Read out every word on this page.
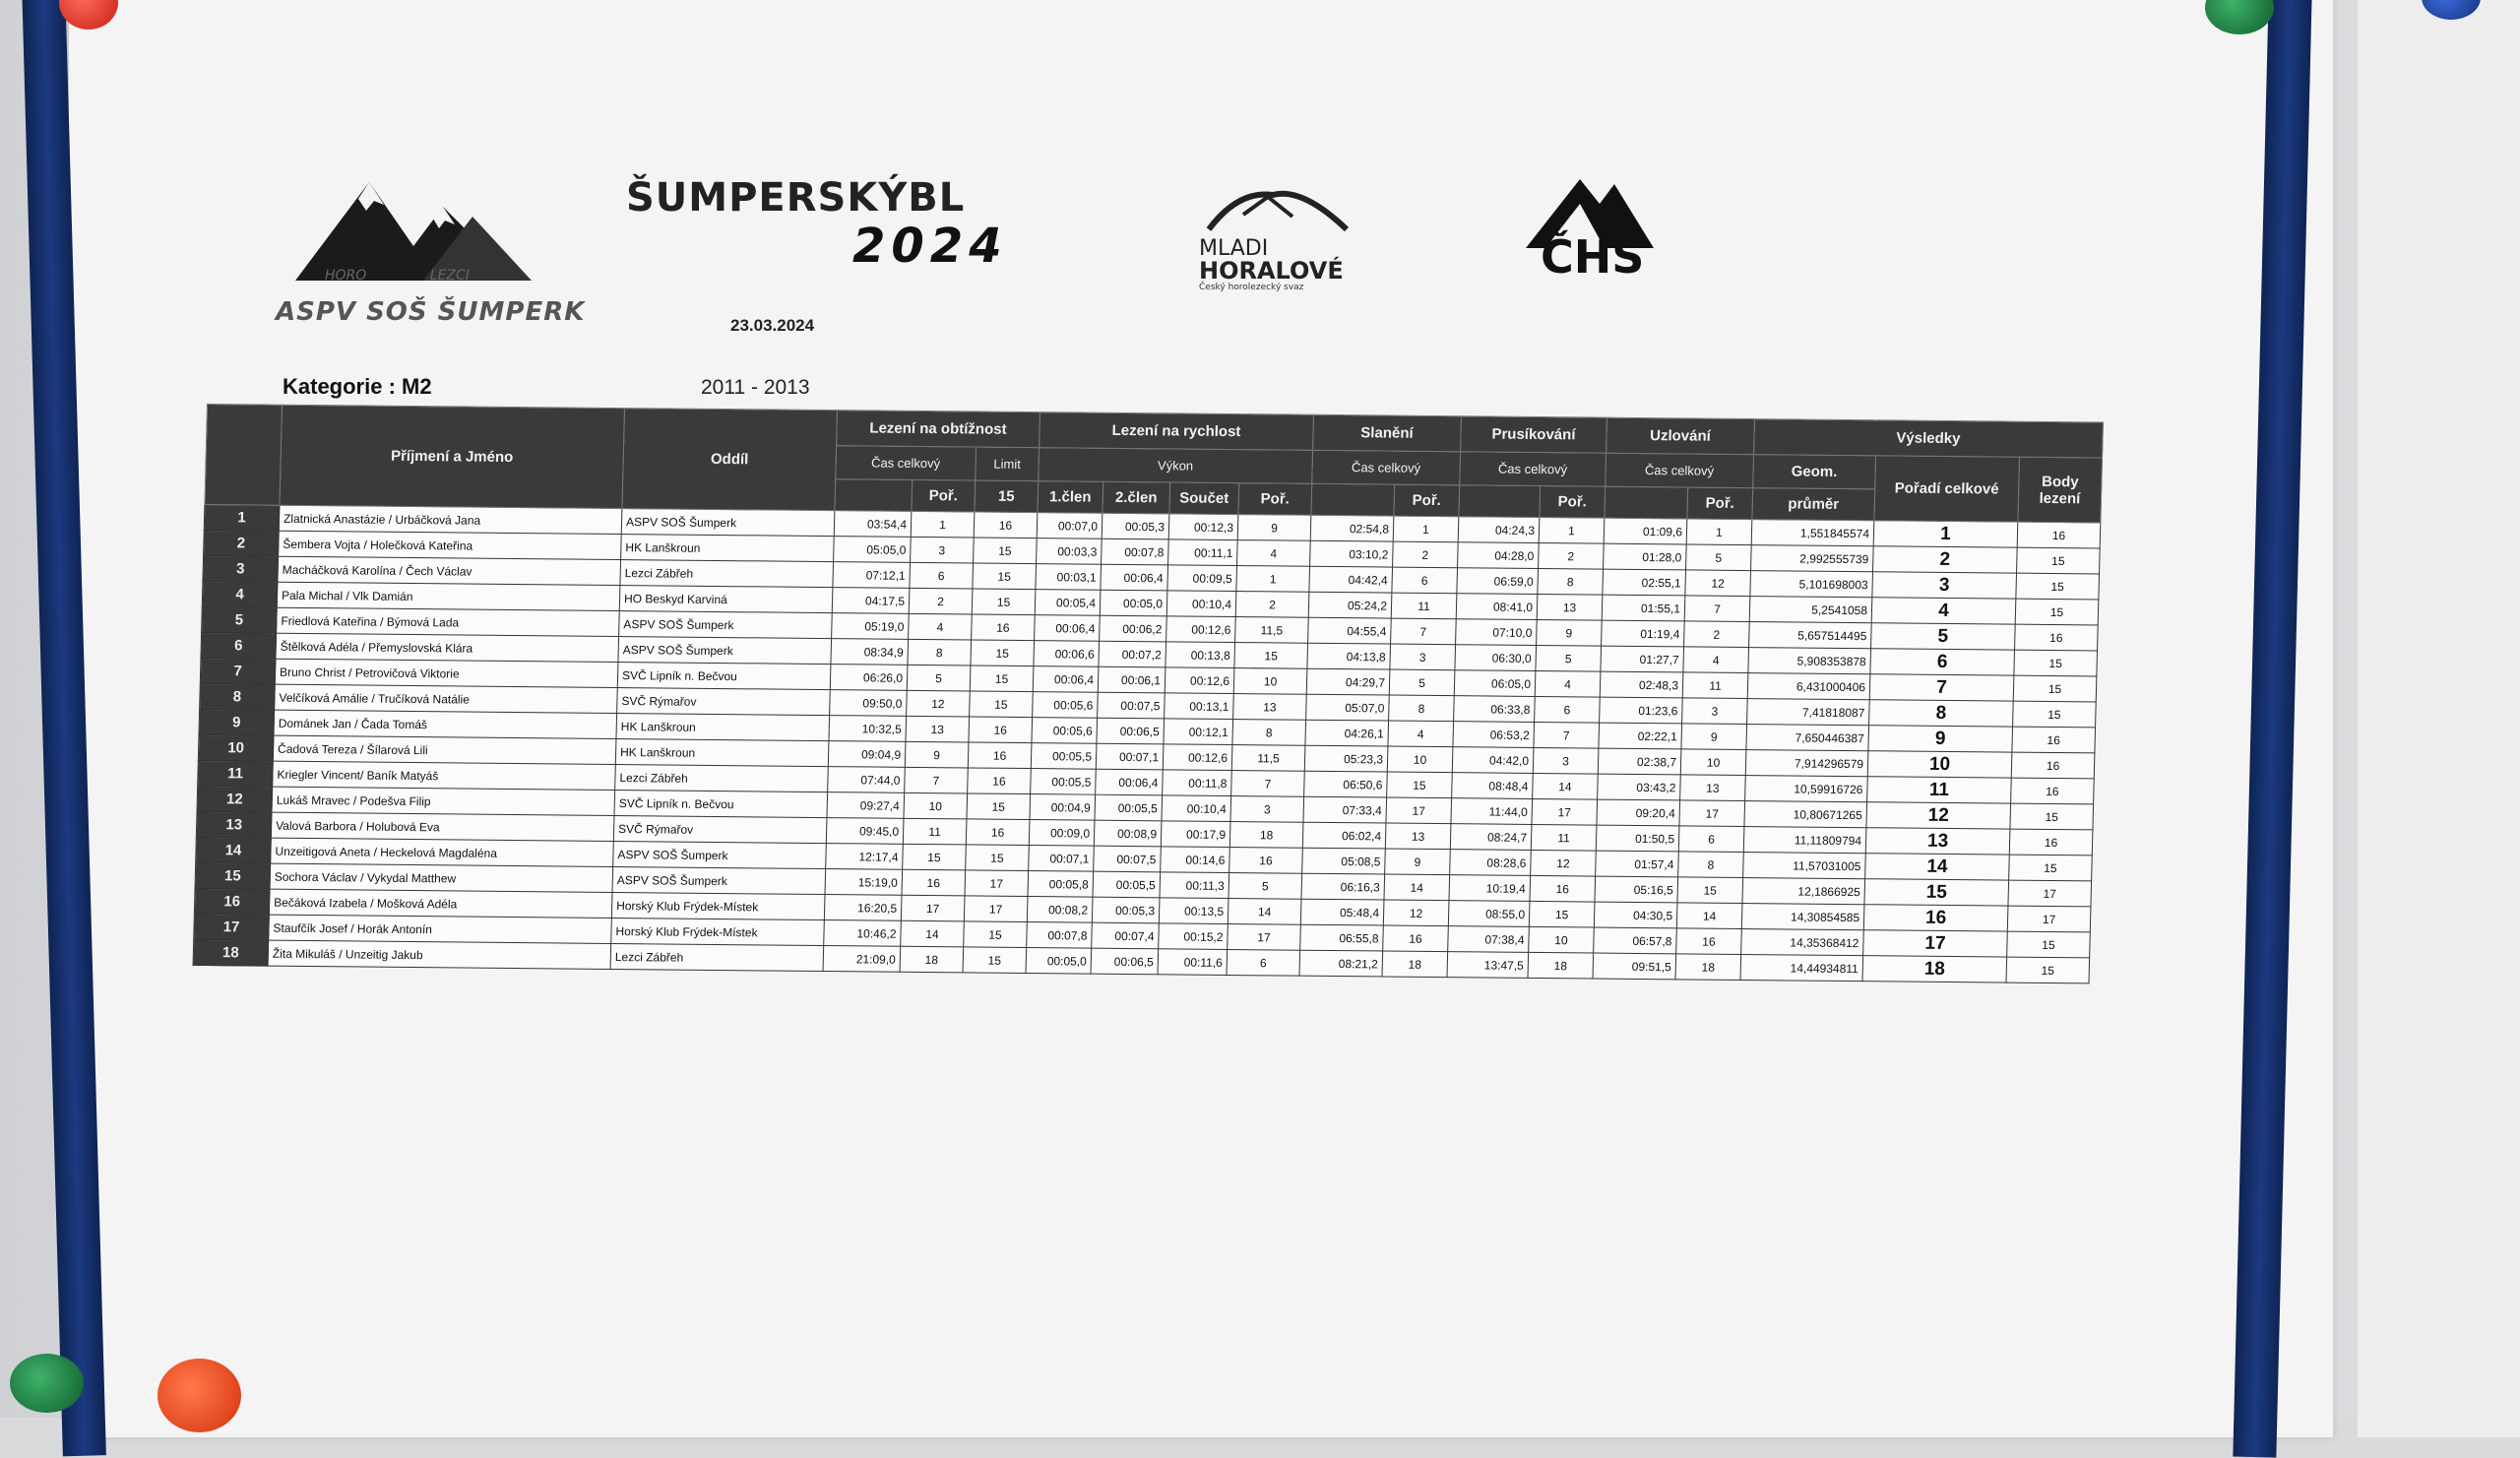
HORO	LEZCI
ASPV SOŠ ŠUMPERK
ŠUMPERSKÝBL
2024
23.03.2024
MLADI
HORALOVÉ
Český horolezecký svaz
ČHS
Kategorie : M2	2011 - 2013
	Příjmení a Jméno	Oddíl	Lezení na obtížnost			Lezení na rychlost				Slanění		Prusíkování		Uzlování		Výsledky		
			Čas celkový		Limit	Výkon				Čas celkový		Čas celkový		Čas celkový		Geom.	Pořadí celkové	Body lezení
				Poř.	15	1.člen	2.člen	Součet	Poř.		Poř.		Poř.		Poř.	průměr		
1	Zlatnická Anastázie / Urbáčková Jana	ASPV SOŠ Šumperk	03:54,4	1	16	00:07,0	00:05,3	00:12,3	9	02:54,8	1	04:24,3	1	01:09,6	1	1,551845574	1	16
2	Šembera Vojta / Holečková Kateřina	HK Lanškroun	05:05,0	3	15	00:03,3	00:07,8	00:11,1	4	03:10,2	2	04:28,0	2	01:28,0	5	2,992555739	2	15
3	Macháčková Karolína / Čech Václav	Lezci Zábřeh	07:12,1	6	15	00:03,1	00:06,4	00:09,5	1	04:42,4	6	06:59,0	8	02:55,1	12	5,101698003	3	15
4	Pala Michal / Vlk Damián	HO Beskyd Karviná	04:17,5	2	15	00:05,4	00:05,0	00:10,4	2	05:24,2	11	08:41,0	13	01:55,1	7	5,2541058	4	15
5	Friedlová Kateřina / Býmová Lada	ASPV SOŠ Šumperk	05:19,0	4	16	00:06,4	00:06,2	00:12,6	11,5	04:55,4	7	07:10,0	9	01:19,4	2	5,657514495	5	16
6	Štělková Adéla / Přemyslovská Klára	ASPV SOŠ Šumperk	08:34,9	8	15	00:06,6	00:07,2	00:13,8	15	04:13,8	3	06:30,0	5	01:27,7	4	5,908353878	6	15
7	Bruno Christ / Petrovičová Viktorie	SVČ Lipník n. Bečvou	06:26,0	5	15	00:06,4	00:06,1	00:12,6	10	04:29,7	5	06:05,0	4	02:48,3	11	6,431000406	7	15
8	Velčíková Amálie / Tručíková Natálie	SVČ Rýmařov	09:50,0	12	15	00:05,6	00:07,5	00:13,1	13	05:07,0	8	06:33,8	6	01:23,6	3	7,41818087	8	15
9	Dománek Jan / Čada Tomáš	HK Lanškroun	10:32,5	13	16	00:05,6	00:06,5	00:12,1	8	04:26,1	4	06:53,2	7	02:22,1	9	7,650446387	9	16
10	Čadová Tereza / Šílarová Lili	HK Lanškroun	09:04,9	9	16	00:05,5	00:07,1	00:12,6	11,5	05:23,3	10	04:42,0	3	02:38,7	10	7,914296579	10	16
11	Kriegler Vincent/ Baník Matyáš	Lezci Zábřeh	07:44,0	7	16	00:05,5	00:06,4	00:11,8	7	06:50,6	15	08:48,4	14	03:43,2	13	10,59916726	11	16
12	Lukáš Mravec / Podešva Filip	SVČ Lipník n. Bečvou	09:27,4	10	15	00:04,9	00:05,5	00:10,4	3	07:33,4	17	11:44,0	17	09:20,4	17	10,80671265	12	15
13	Valová Barbora / Holubová Eva	SVČ Rýmařov	09:45,0	11	16	00:09,0	00:08,9	00:17,9	18	06:02,4	13	08:24,7	11	01:50,5	6	11,11809794	13	16
14	Unzeitigová Aneta / Heckelová Magdaléna	ASPV SOŠ Šumperk	12:17,4	15	15	00:07,1	00:07,5	00:14,6	16	05:08,5	9	08:28,6	12	01:57,4	8	11,57031005	14	15
15	Sochora Václav / Vykydal Matthew	ASPV SOŠ Šumperk	15:19,0	16	17	00:05,8	00:05,5	00:11,3	5	06:16,3	14	10:19,4	16	05:16,5	15	12,1866925	15	17
16	Bečáková Izabela / Mošková Adéla	Horský Klub Frýdek-Místek	16:20,5	17	17	00:08,2	00:05,3	00:13,5	14	05:48,4	12	08:55,0	15	04:30,5	14	14,30854585	16	17
17	Staufčík Josef / Horák Antonín	Horský Klub Frýdek-Místek	10:46,2	14	15	00:07,8	00:07,4	00:15,2	17	06:55,8	16	07:38,4	10	06:57,8	16	14,35368412	17	15
18	Žita Mikuláš / Unzeitig Jakub	Lezci Zábřeh	21:09,0	18	15	00:05,0	00:06,5	00:11,6	6	08:21,2	18	13:47,5	18	09:51,5	18	14,44934811	18	15
